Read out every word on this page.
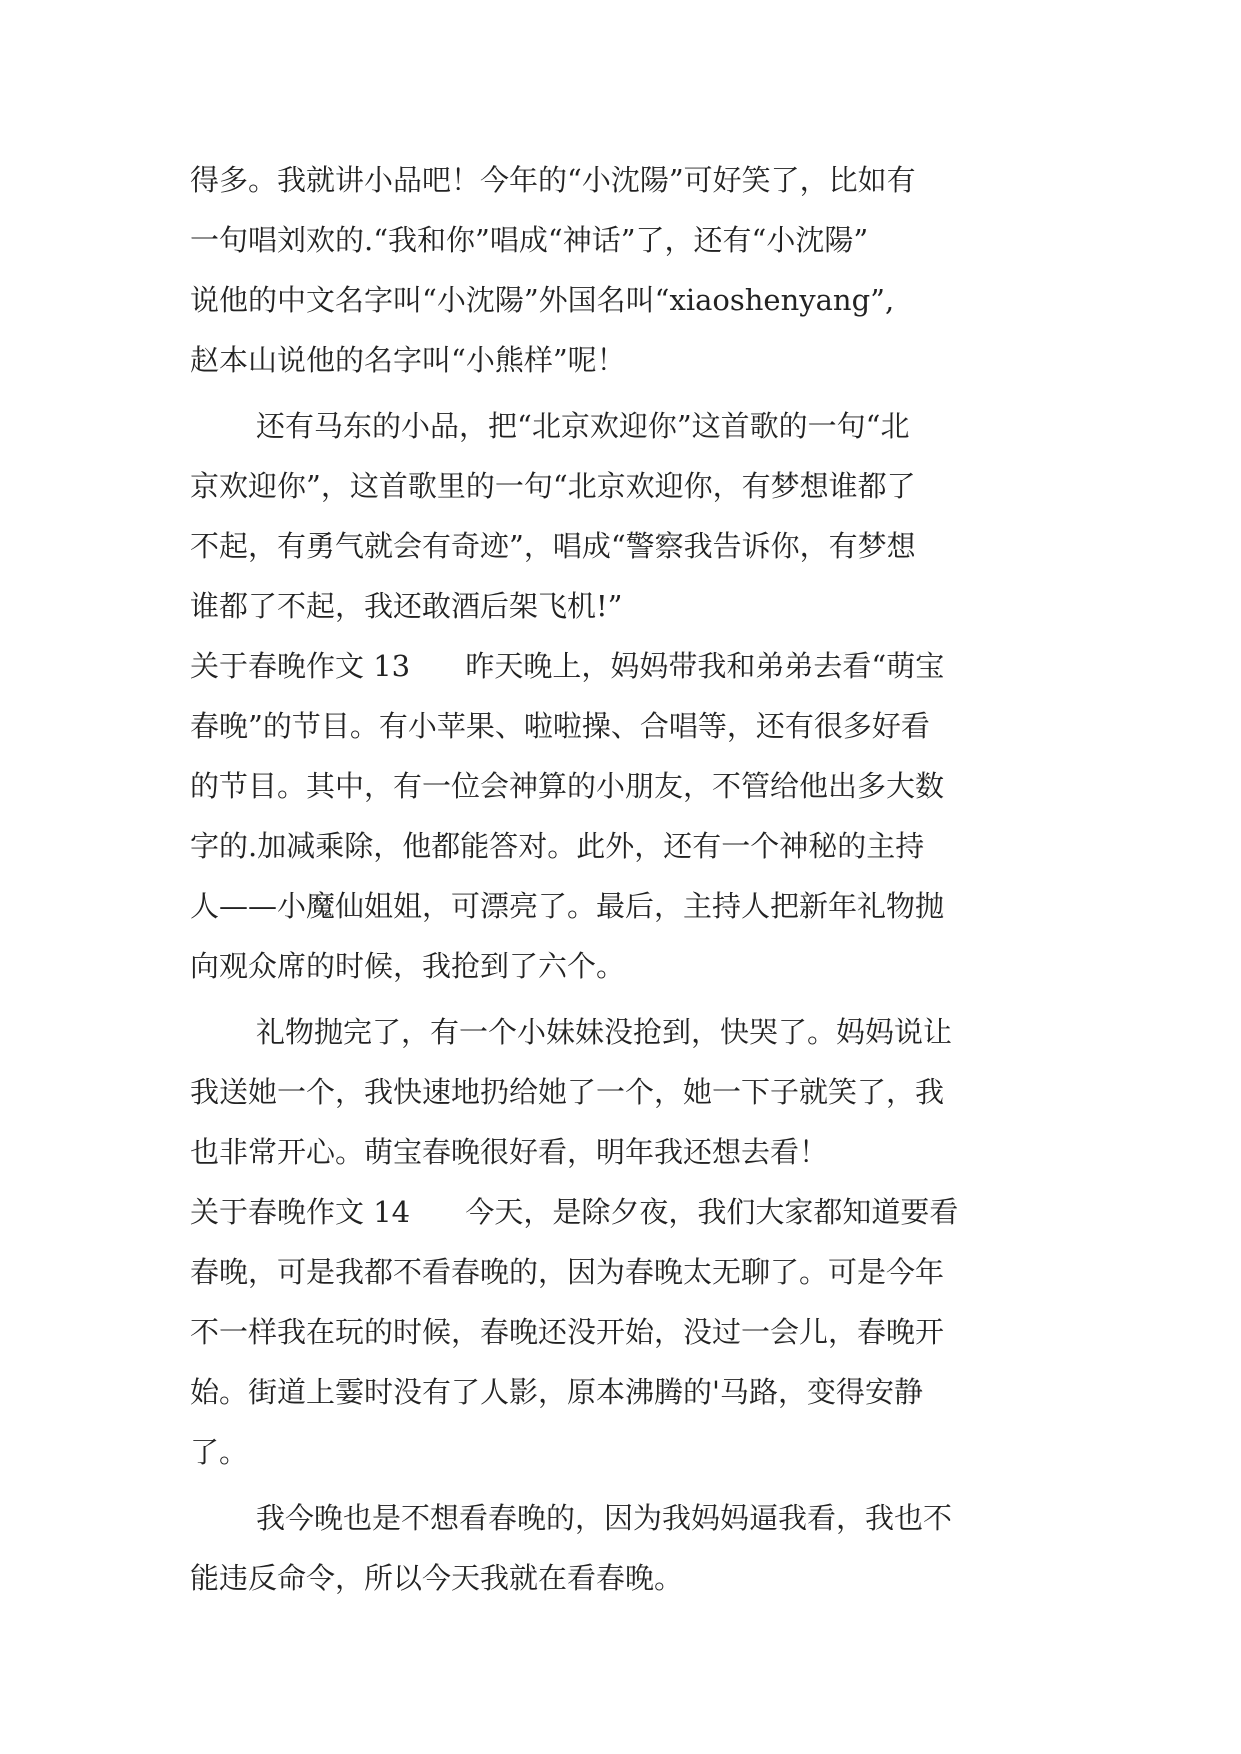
得多。我就讲小品吧！今年的“小沈陽”可好笑了，比如有
一句唱刘欢的.“我和你”唱成“神话”了，还有“小沈陽”
说他的中文名字叫“小沈陽”外国名叫“xiaoshenyang”,
赵本山说他的名字叫“小熊样”呢！
还有马东的小品，把“北京欢迎你”这首歌的一句“北
京欢迎你”，这首歌里的一句“北京欢迎你，有梦想谁都了
不起，有勇气就会有奇迹”，唱成“警察我告诉你，有梦想
谁都了不起，我还敢酒后架飞机!”
关于春晚作文 13      昨天晚上，妈妈带我和弟弟去看“萌宝
春晚”的节目。有小苹果、啦啦操、合唱等，还有很多好看
的节目。其中，有一位会神算的小朋友，不管给他出多大数
字的.加减乘除，他都能答对。此外，还有一个神秘的主持
人——小魔仙姐姐，可漂亮了。最后，主持人把新年礼物抛
向观众席的时候，我抢到了六个。
礼物抛完了，有一个小妹妹没抢到，快哭了。妈妈说让
我送她一个，我快速地扔给她了一个，她一下子就笑了，我
也非常开心。萌宝春晚很好看，明年我还想去看！
关于春晚作文 14      今天，是除夕夜，我们大家都知道要看
春晚，可是我都不看春晚的，因为春晚太无聊了。可是今年
不一样我在玩的时候，春晚还没开始，没过一会儿，春晚开
始。街道上霎时没有了人影，原本沸腾的'马路，变得安静
了。
我今晚也是不想看春晚的，因为我妈妈逼我看，我也不
能违反命令，所以今天我就在看春晚。
